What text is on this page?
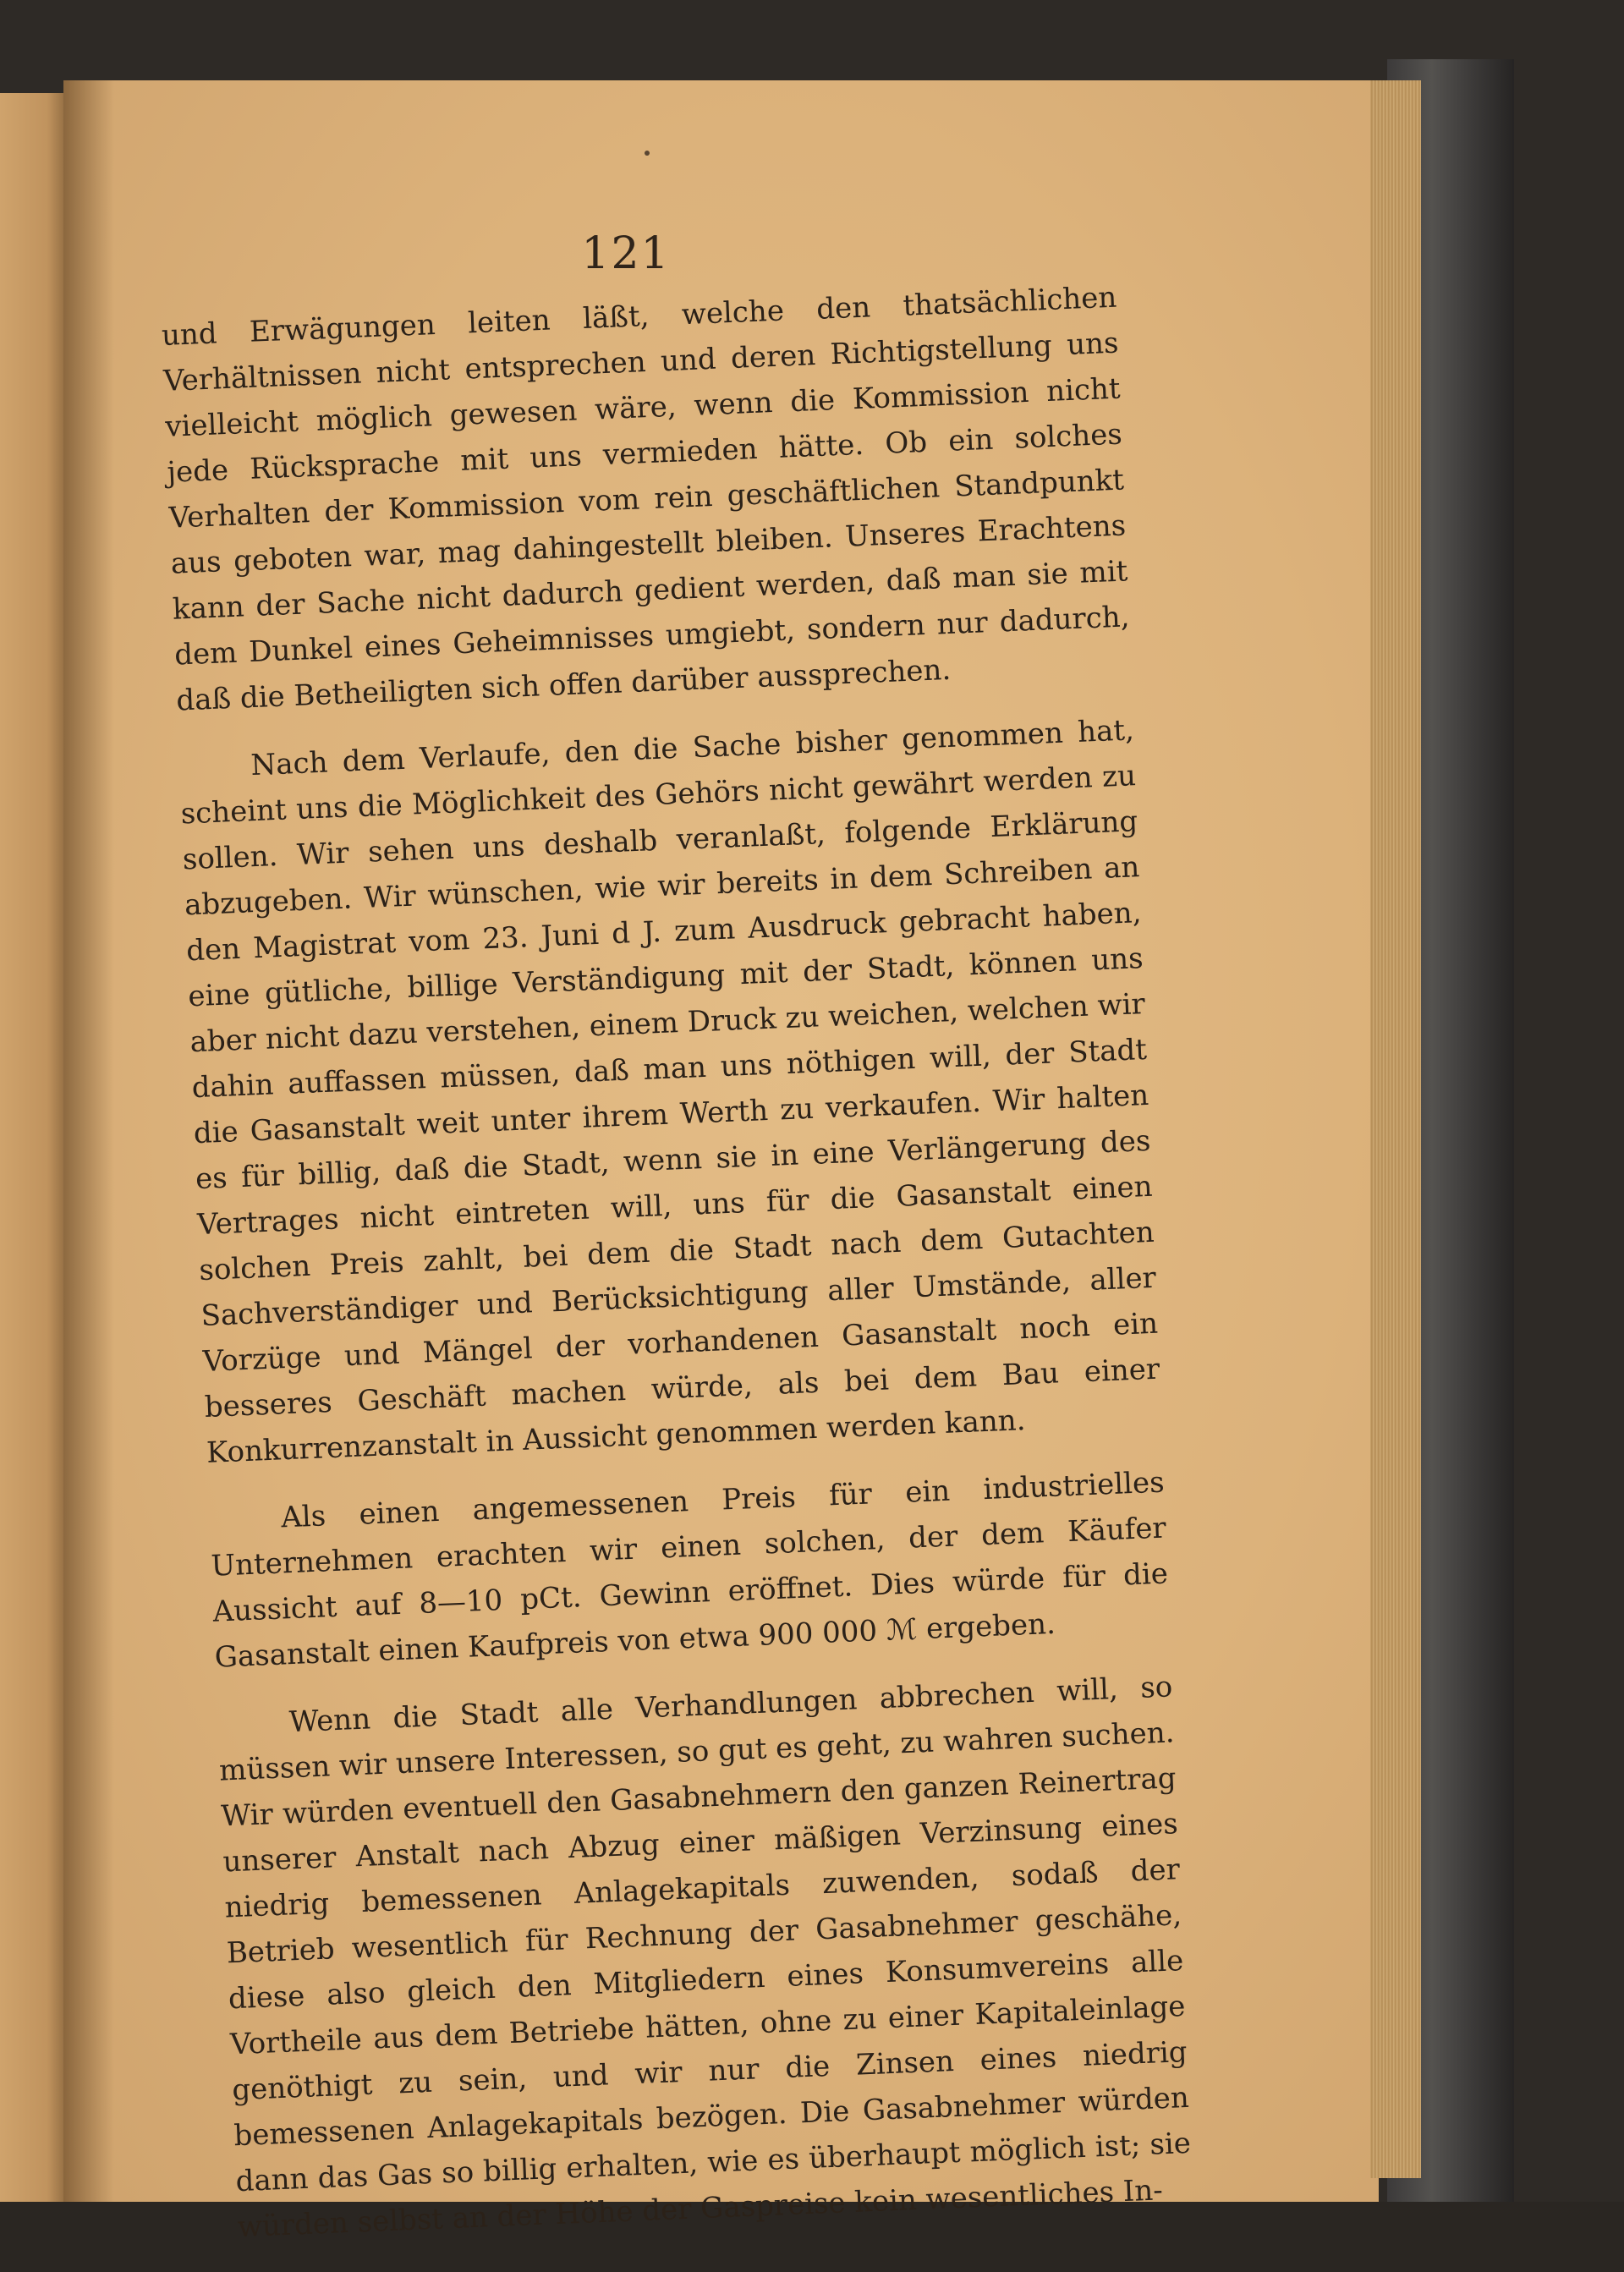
121

und Erwägungen leiten läßt, welche den thatsächlichen Verhältnissen nicht entsprechen und deren Richtigstellung uns vielleicht möglich gewesen wäre, wenn die Kommission nicht jede Rücksprache mit uns vermieden hätte. Ob ein solches Verhalten der Kommission vom rein geschäftlichen Standpunkt aus geboten war, mag dahingestellt bleiben. Unseres Erachtens kann der Sache nicht dadurch gedient werden, daß man sie mit dem Dunkel eines Geheimnisses umgiebt, sondern nur dadurch, daß die Betheiligten sich offen darüber aussprechen.

Nach dem Verlaufe, den die Sache bisher genommen hat, scheint uns die Möglichkeit des Gehörs nicht gewährt werden zu sollen. Wir sehen uns deshalb veranlaßt, folgende Erklärung abzugeben. Wir wünschen, wie wir bereits in dem Schreiben an den Magistrat vom 23. Juni d J. zum Ausdruck gebracht haben, eine gütliche, billige Verständigung mit der Stadt, können uns aber nicht dazu verstehen, einem Druck zu weichen, welchen wir dahin auffassen müssen, daß man uns nöthigen will, der Stadt die Gasanstalt weit unter ihrem Werth zu verkaufen. Wir halten es für billig, daß die Stadt, wenn sie in eine Verlängerung des Vertrages nicht eintreten will, uns für die Gasanstalt einen solchen Preis zahlt, bei dem die Stadt nach dem Gutachten Sachverständiger und Berücksichtigung aller Umstände, aller Vorzüge und Mängel der vorhandenen Gasanstalt noch ein besseres Geschäft machen würde, als bei dem Bau einer Konkurrenzanstalt in Aussicht genommen werden kann.

Als einen angemessenen Preis für ein industrielles Unternehmen erachten wir einen solchen, der dem Käufer Aussicht auf 8—10 pCt. Gewinn eröffnet. Dies würde für die Gasanstalt einen Kaufpreis von etwa 900 000 ℳ ergeben.

Wenn die Stadt alle Verhandlungen abbrechen will, so müssen wir unsere Interessen, so gut es geht, zu wahren suchen. Wir würden eventuell den Gasabnehmern den ganzen Reinertrag unserer Anstalt nach Abzug einer mäßigen Verzinsung eines niedrig bemessenen Anlagekapitals zuwenden, sodaß der Betrieb wesentlich für Rechnung der Gasabnehmer geschähe, diese also gleich den Mitgliedern eines Konsumvereins alle Vortheile aus dem Betriebe hätten, ohne zu einer Kapitaleinlage genöthigt zu sein, und wir nur die Zinsen eines niedrig bemessenen Anlagekapitals bezögen. Die Gasabnehmer würden dann das Gas so billig erhalten, wie es überhaupt möglich ist; sie würden selbst an der Höhe der Gaspreise kein wesentliches In-
